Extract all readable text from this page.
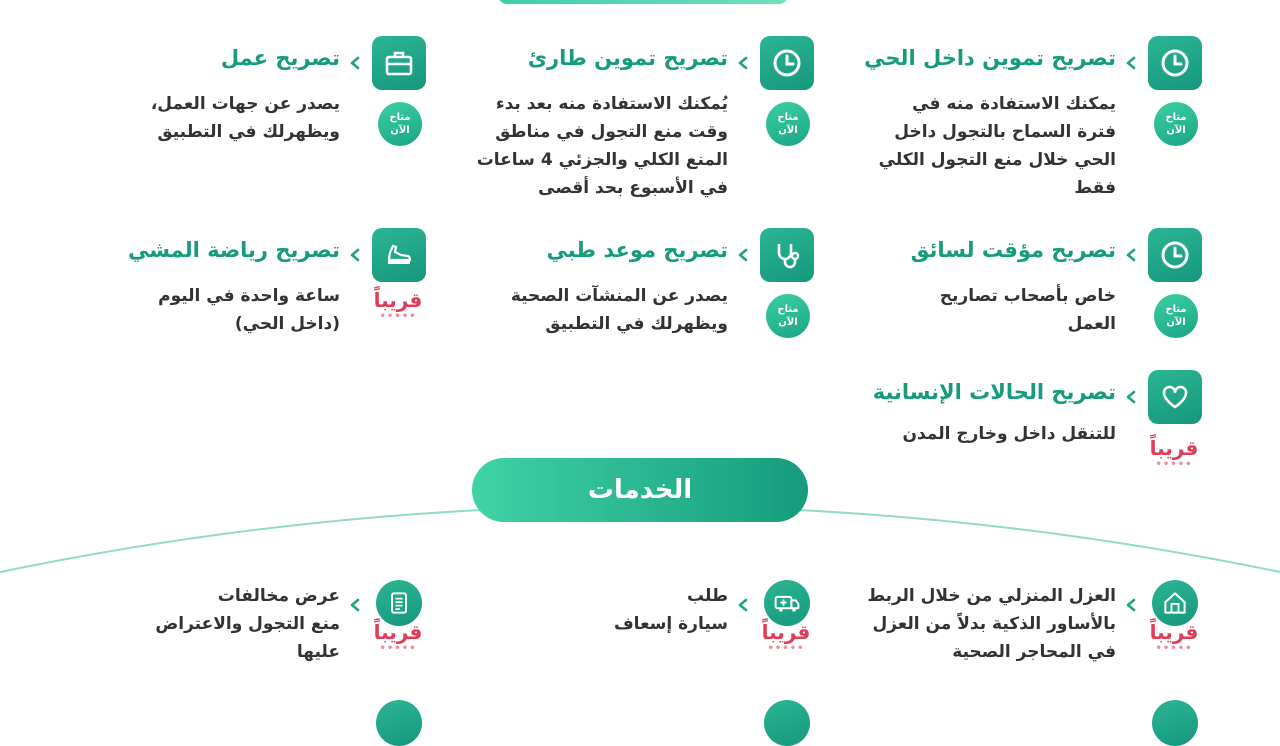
تصريح تموين داخل الحي
يمكنك الاستفادة منه في
فترة السماح بالتجول داخل
الحي خلال منع التجول الكلي
فقط
متاح
الآن
تصريح تموين طارئ
يُمكنك الاستفادة منه بعد بدء
وقت منع التجول في مناطق
المنع الكلي والجزئي 4 ساعات
في الأسبوع بحد أقصى
متاح
الآن
تصريح عمل
يصدر عن جهات العمل،
ويظهرلك في التطبيق
متاح
الآن
تصريح مؤقت لسائق
خاص بأصحاب تصاريح
العمل
متاح
الآن
تصريح موعد طبي
يصدر عن المنشآت الصحية
ويظهرلك في التطبيق
متاح
الآن
تصريح رياضة المشي
ساعة واحدة في اليوم
(داخل الحي)
قريباً
•••••
تصريح الحالات الإنسانية
للتنقل داخل وخارج المدن
قريباً
•••••
الخدمات
العزل المنزلي من خلال الربط
بالأساور الذكية بدلاً من العزل
في المحاجر الصحية
قريباً
•••••
طلب
سيارة إسعاف	قريباً
•••••
عرض مخالفات
منع التجول والاعتراض
عليها
قريباً
•••••
